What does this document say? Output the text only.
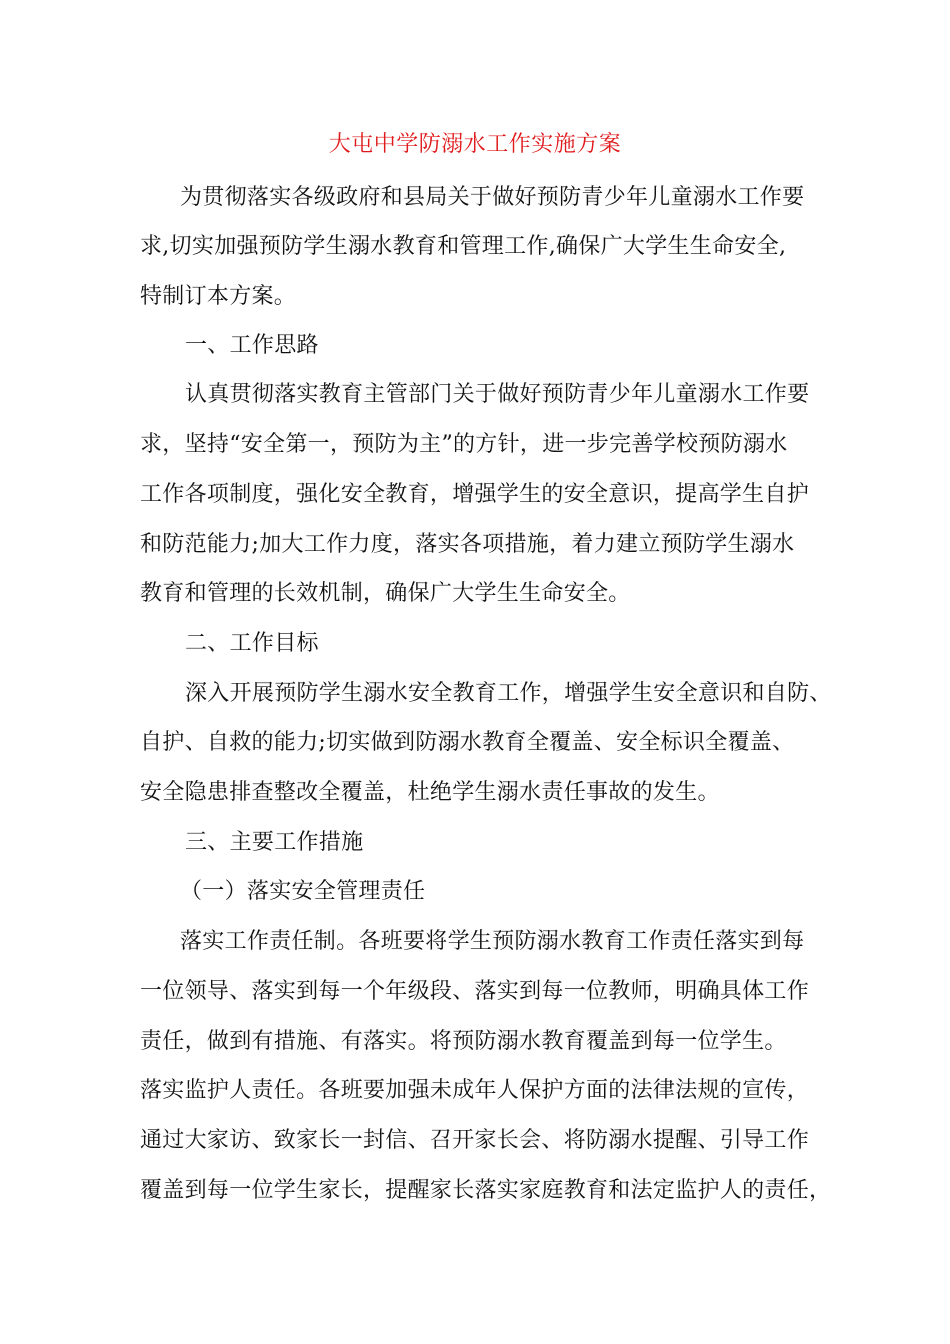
大屯中学防溺水工作实施方案
为贯彻落实各级政府和县局关于做好预防青少年儿童溺水工作要
求,切实加强预防学生溺水教育和管理工作,确保广大学生生命安全,
特制订本方案。
一、工作思路
认真贯彻落实教育主管部门关于做好预防青少年儿童溺水工作要
求，坚持“安全第一，预防为主”的方针，进一步完善学校预防溺水
工作各项制度，强化安全教育，增强学生的安全意识，提高学生自护
和防范能力;加大工作力度，落实各项措施，着力建立预防学生溺水
教育和管理的长效机制，确保广大学生生命安全。
二、工作目标
深入开展预防学生溺水安全教育工作，增强学生安全意识和自防、
自护、自救的能力;切实做到防溺水教育全覆盖、安全标识全覆盖、
安全隐患排查整改全覆盖，杜绝学生溺水责任事故的发生。
三、主要工作措施
（一）落实安全管理责任
落实工作责任制。各班要将学生预防溺水教育工作责任落实到每
一位领导、落实到每一个年级段、落实到每一位教师，明确具体工作
责任，做到有措施、有落实。将预防溺水教育覆盖到每一位学生。
落实监护人责任。各班要加强未成年人保护方面的法律法规的宣传，
通过大家访、致家长一封信、召开家长会、将防溺水提醒、引导工作
覆盖到每一位学生家长，提醒家长落实家庭教育和法定监护人的责任，
